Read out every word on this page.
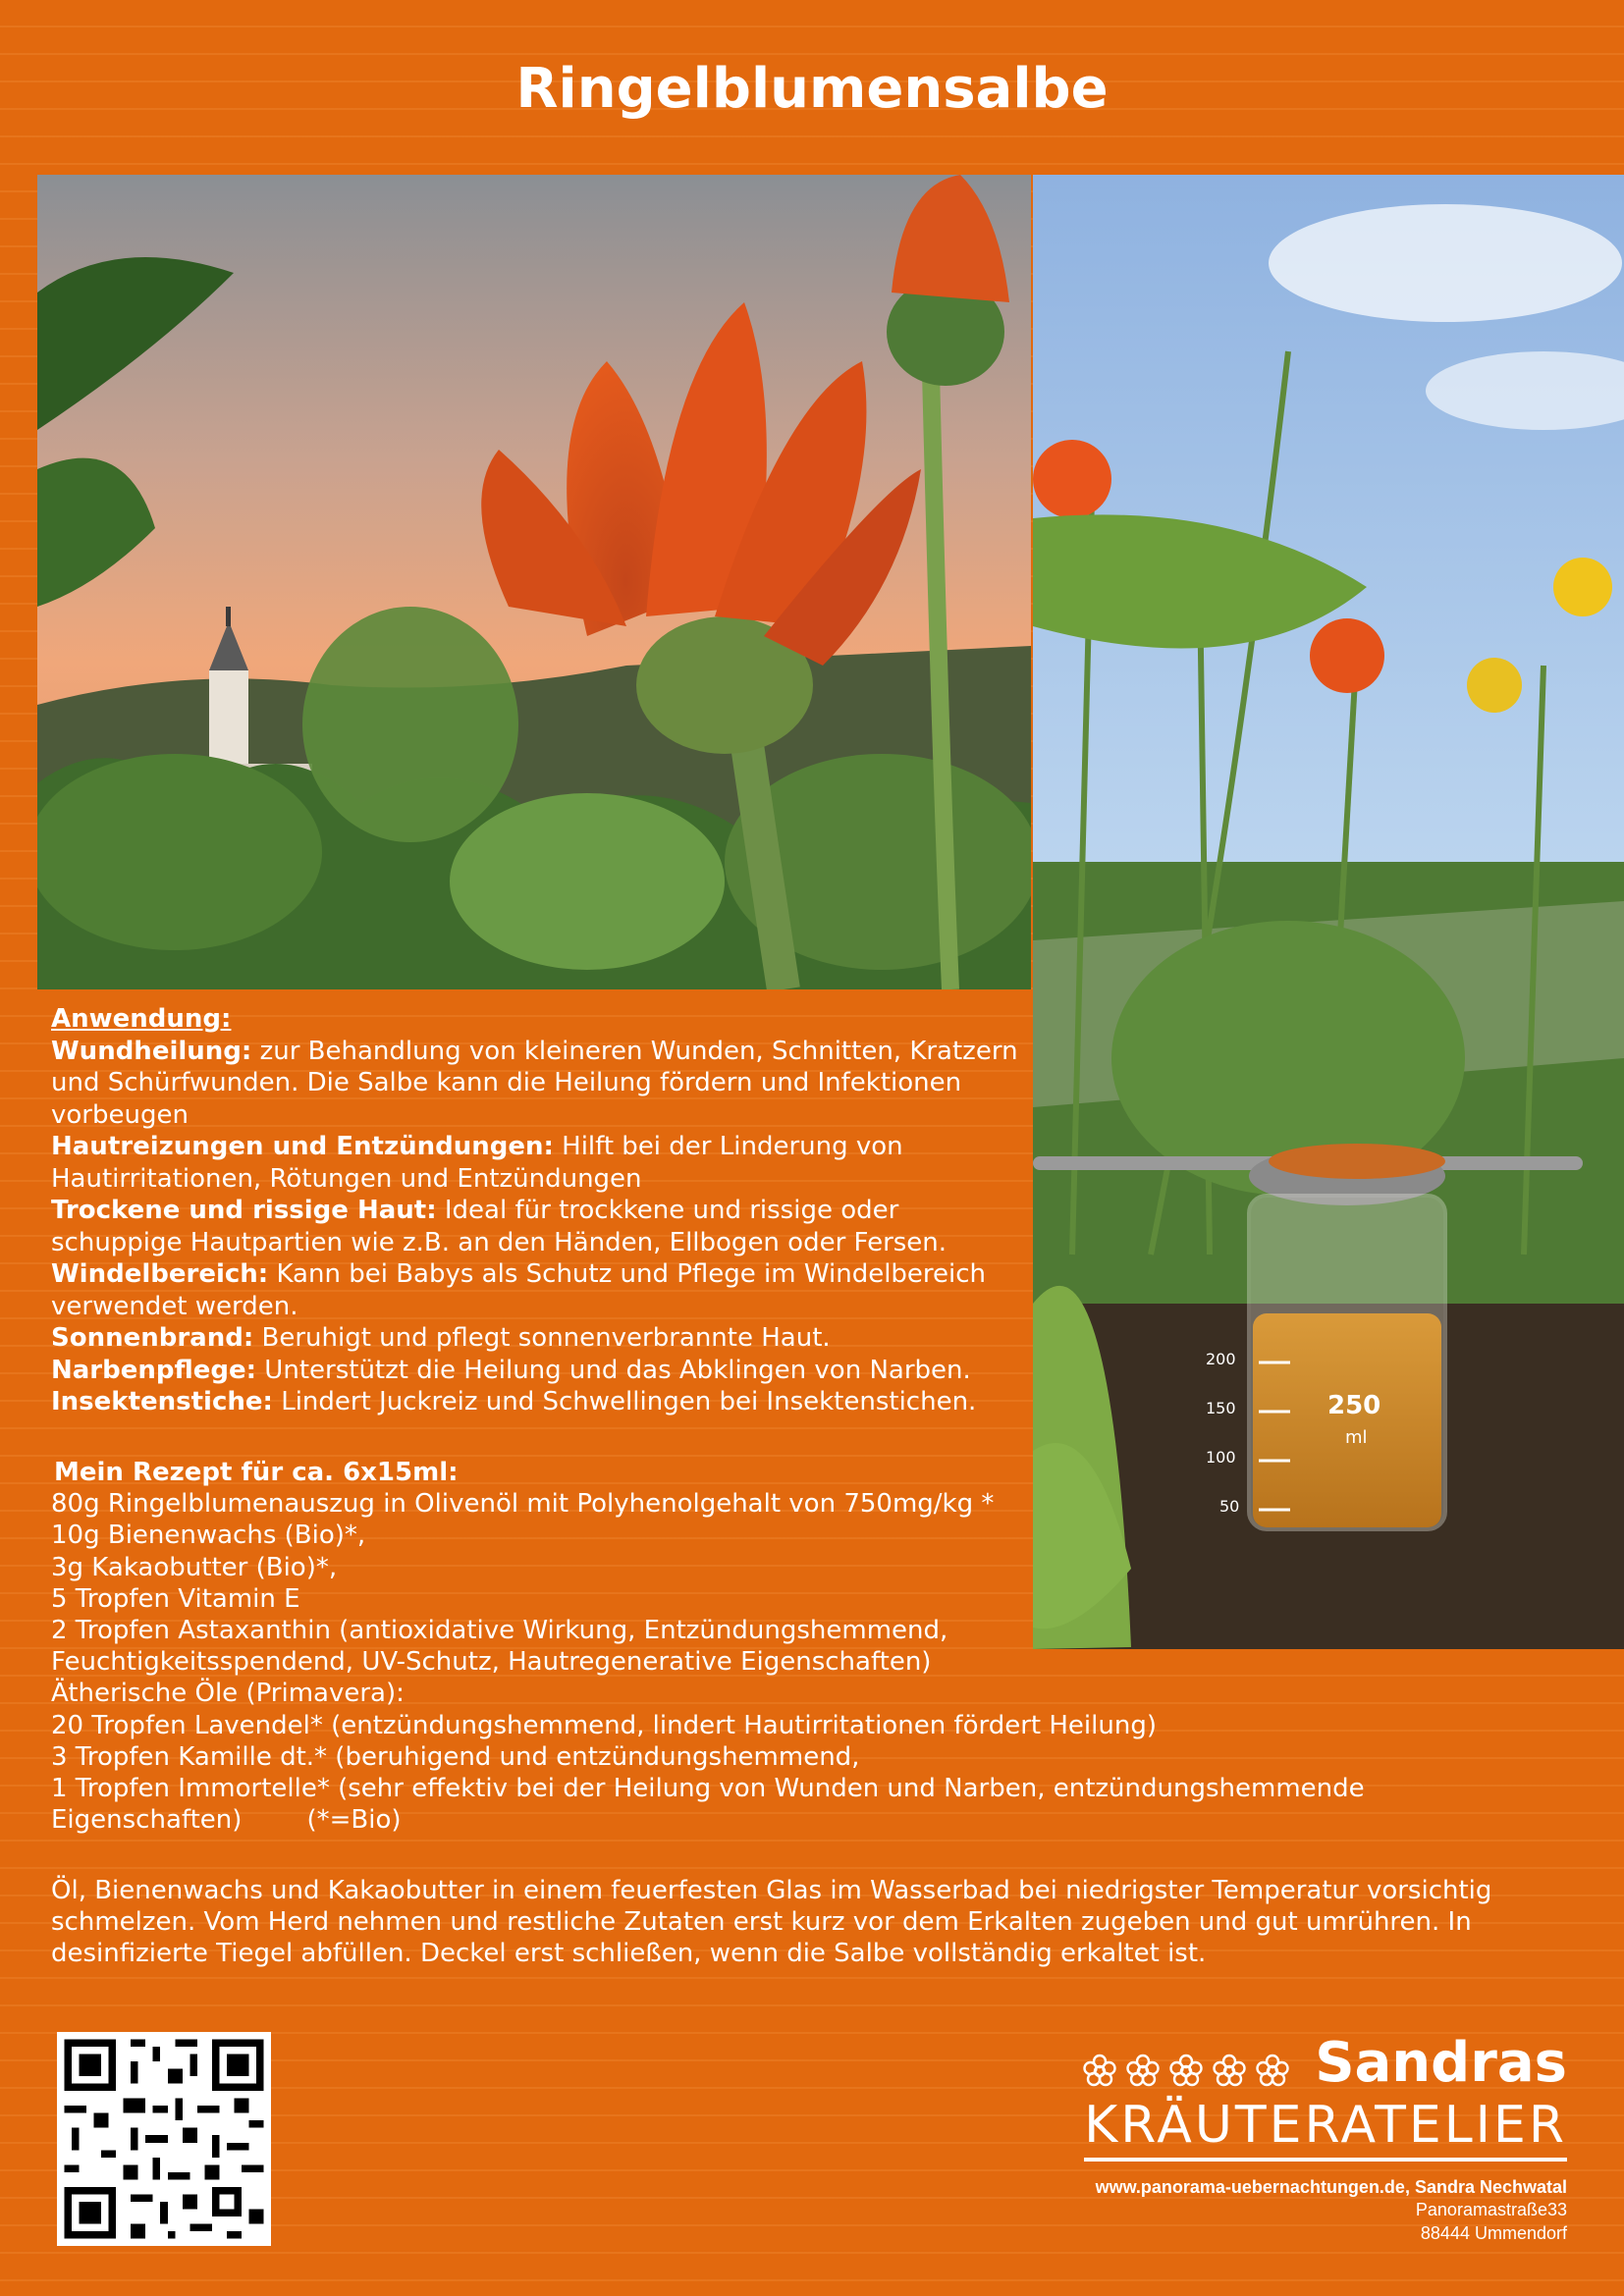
Ringelblumensalbe
250
ml
200
150
100
50
Anwendung:
Wundheilung: zur Behandlung von kleineren Wunden, Schnitten, Kratzern und Schürfwunden. Die Salbe kann die Heilung fördern und Infektionen vorbeugen
Hautreizungen und Entzündungen: Hilft bei der Linderung von Hautirritationen, Rötungen und Entzündungen
Trockene und rissige Haut: Ideal für trockkene und rissige oder schuppige Hautpartien wie z.B. an den Händen, Ellbogen oder Fersen.
Windelbereich: Kann bei Babys als Schutz und Pflege im Windelbereich verwendet werden.
Sonnenbrand: Beruhigt und pflegt sonnenverbrannte Haut.
Narbenpflege: Unterstützt die Heilung und das Abklingen von Narben.
Insektenstiche: Lindert Juckreiz und Schwellingen bei Insektenstichen.
Mein Rezept für ca. 6x15ml:
80g Ringelblumenauszug in Olivenöl mit Polyhenolgehalt von 750mg/kg *
10g Bienenwachs (Bio)*,
3g Kakaobutter (Bio)*,
5 Tropfen Vitamin E
2 Tropfen Astaxanthin (antioxidative Wirkung, Entzündungshemmend,
Feuchtigkeitsspendend, UV-Schutz, Hautregenerative Eigenschaften)
Ätherische Öle (Primavera):
20 Tropfen Lavendel* (entzündungshemmend, lindert Hautirritationen fördert Heilung)
3 Tropfen Kamille dt.* (beruhigend und entzündungshemmend,
1 Tropfen Immortelle* (sehr effektiv bei der Heilung von Wunden und Narben, entzündungshemmende Eigenschaften)        (*=Bio)
Öl, Bienenwachs und Kakaobutter in einem feuerfesten Glas im Wasserbad bei niedrigster Temperatur vorsichtig schmelzen. Vom Herd nehmen und restliche Zutaten erst kurz vor dem Erkalten zugeben und gut umrühren. In desinfizierte Tiegel abfüllen. Deckel erst schließen, wenn die Salbe vollständig erkaltet ist.
Sandras
KRÄUTERATELIER
www.panorama-uebernachtungen.de, Sandra Nechwatal
Panoramastraße33
88444 Ummendorf
